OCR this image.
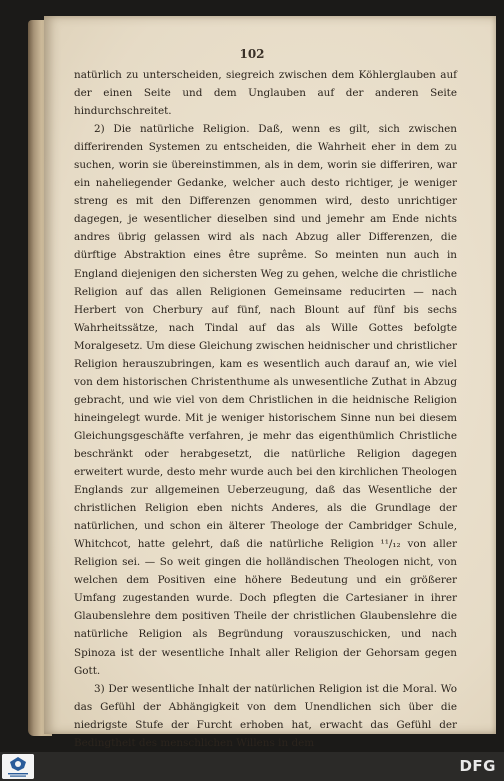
102

natürlich zu unterscheiden, siegreich zwischen dem Köhlerglauben auf der einen Seite und dem Unglauben auf der anderen Seite hindurchschreitet.

2) Die natürliche Religion. Daß, wenn es gilt, sich zwischen differirenden Systemen zu entscheiden, die Wahrheit eher in dem zu suchen, worin sie übereinstimmen, als in dem, worin sie differiren, war ein naheliegender Gedanke, welcher auch desto richtiger, je weniger streng es mit den Differenzen genommen wird, desto unrichtiger dagegen, je wesentlicher dieselben sind und jemehr am Ende nichts andres übrig gelassen wird als nach Abzug aller Differenzen, die dürftige Abstraktion eines être suprême. So meinten nun auch in England diejenigen den sichersten Weg zu gehen, welche die christliche Religion auf das allen Religionen Gemeinsame reducirten — nach Herbert von Cherbury auf fünf, nach Blount auf fünf bis sechs Wahrheitssätze, nach Tindal auf das als Wille Gottes befolgte Moralgesetz. Um diese Gleichung zwischen heidnischer und christlicher Religion herauszubringen, kam es wesentlich auch darauf an, wie viel von dem historischen Christenthume als unwesentliche Zuthat in Abzug gebracht, und wie viel von dem Christlichen in die heidnische Religion hineingelegt wurde. Mit je weniger historischem Sinne nun bei diesem Gleichungsgeschäfte verfahren, je mehr das eigenthümlich Christliche beschränkt oder herabgesetzt, die natürliche Religion dagegen erweitert wurde, desto mehr wurde auch bei den kirchlichen Theologen Englands zur allgemeinen Ueberzeugung, daß das Wesentliche der christlichen Religion eben nichts Anderes, als die Grundlage der natürlichen, und schon ein älterer Theologe der Cambridger Schule, Whitchcot, hatte gelehrt, daß die natürliche Religion ¹¹/₁₂ von aller Religion sei. — So weit gingen die holländischen Theologen nicht, von welchen dem Positiven eine höhere Bedeutung und ein größerer Umfang zugestanden wurde. Doch pflegten die Cartesianer in ihrer Glaubenslehre dem positiven Theile der christlichen Glaubenslehre die natürliche Religion als Begründung vorauszuschicken, und nach Spinoza ist der wesentliche Inhalt aller Religion der Gehorsam gegen Gott.

3) Der wesentliche Inhalt der natürlichen Religion ist die Moral. Wo das Gefühl der Abhängigkeit von dem Unendlichen sich über die niedrigste Stufe der Furcht erhoben hat, erwacht das Gefühl der Bedingtheit des menschlichen Willens in dem

DFG
